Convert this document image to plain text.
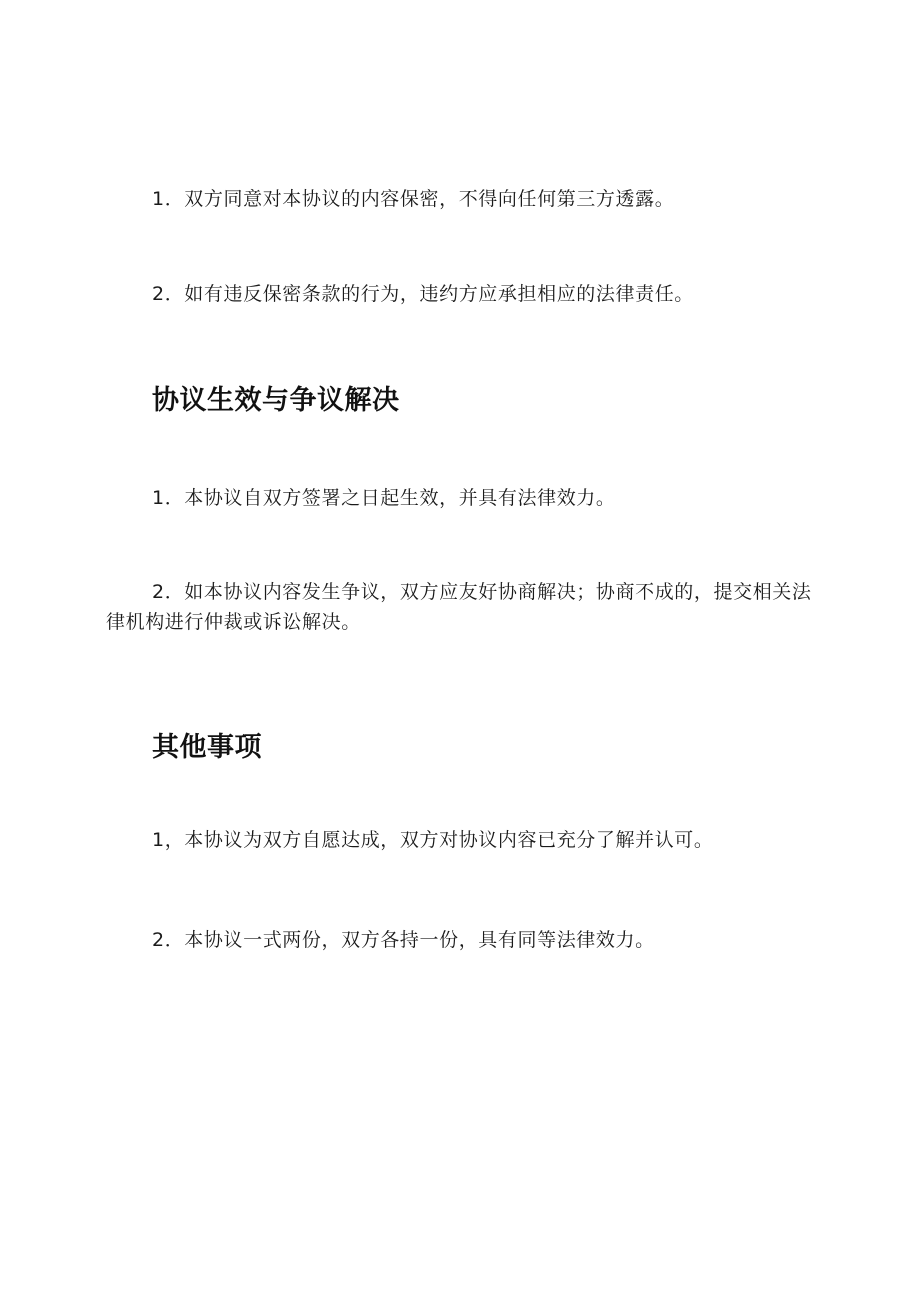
1．双方同意对本协议的内容保密，不得向任何第三方透露。

2．如有违反保密条款的行为，违约方应承担相应的法律责任。

协议生效与争议解决

1．本协议自双方签署之日起生效，并具有法律效力。

2．如本协议内容发生争议，双方应友好协商解决；协商不成的，提交相关法律机构进行仲裁或诉讼解决。

其他事项

1，本协议为双方自愿达成，双方对协议内容已充分了解并认可。

2．本协议一式两份，双方各持一份，具有同等法律效力。
